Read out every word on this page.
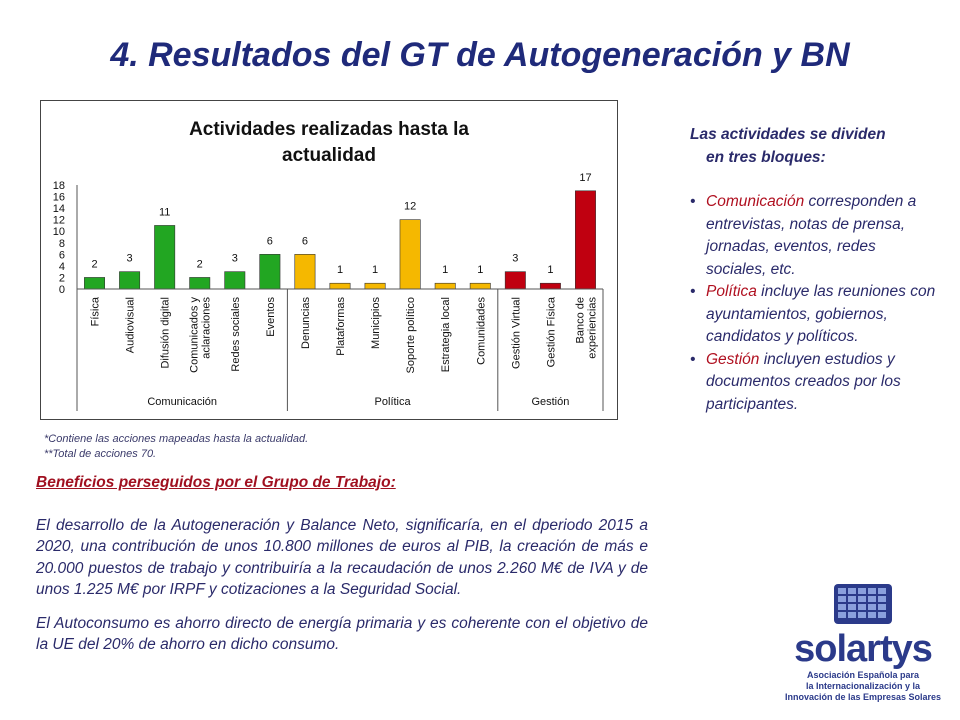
4. Resultados del GT de Autogeneración y BN
Actividades realizadas hasta la
actualidad
0
2
4
6
8
10
12
14
16
18
2	3
11
2	3
6	6
1	1
12
1	1
3
1
17
Física Audiovisual Difusión digital Comunicados y aclaraciones Redes sociales Eventos Denuncias Plataformas Municipios Soporte político Estrategia local Comunidades Gestión Virtual Gestión Física Banco de experiencias
Comunicación	Política	Gestión
*Contiene las acciones mapeadas hasta la actualidad.
**Total de acciones 70.
Beneficios perseguidos por el Grupo de Trabajo:

El desarrollo de la Autogeneración y Balance Neto, significaría, en el dperiodo 2015 a 2020, una contribución de unos 10.800 millones de euros al PIB, la creación de más e 20.000 puestos de trabajo y contribuiría a la recaudación de unos 2.260 M€ de IVA y de unos 1.225 M€ por IRPF y cotizaciones a la Seguridad Social.

El Autoconsumo es ahorro directo de energía primaria y es coherente con el objetivo de la UE del 20% de ahorro en dicho consumo.

Las actividades se dividen
en tres bloques:
• Comunicación corresponden a entrevistas, notas de prensa, jornadas, eventos, redes sociales, etc.
• Política incluye las reuniones con ayuntamientos, gobiernos, candidatos y políticos.
• Gestión incluyen estudios y documentos creados por los participantes.
solartys
Asociación Española para
la Internacionalización y la
Innovación de las Empresas Solares
